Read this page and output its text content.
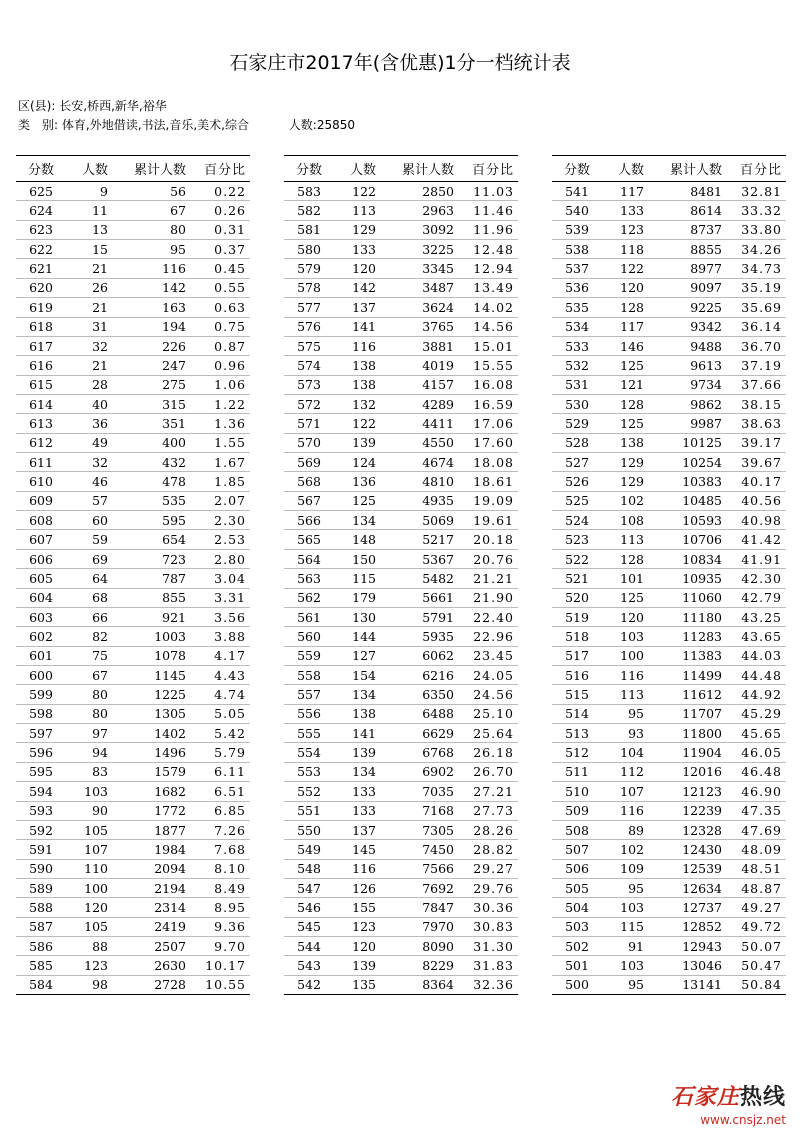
石家庄市2017年(含优惠)1分一档统计表
区(县): 长安,桥西,新华,裕华
类　别: 体育,外地借读,书法,音乐,美术,综合	人数:25850
分数	人数	累计人数	百分比
625	9	56	0.22
624	11	67	0.26
623	13	80	0.31
622	15	95	0.37
621	21	116	0.45
620	26	142	0.55
619	21	163	0.63
618	31	194	0.75
617	32	226	0.87
616	21	247	0.96
615	28	275	1.06
614	40	315	1.22
613	36	351	1.36
612	49	400	1.55
611	32	432	1.67
610	46	478	1.85
609	57	535	2.07
608	60	595	2.30
607	59	654	2.53
606	69	723	2.80
605	64	787	3.04
604	68	855	3.31
603	66	921	3.56
602	82	1003	3.88
601	75	1078	4.17
600	67	1145	4.43
599	80	1225	4.74
598	80	1305	5.05
597	97	1402	5.42
596	94	1496	5.79
595	83	1579	6.11
594	103	1682	6.51
593	90	1772	6.85
592	105	1877	7.26
591	107	1984	7.68
590	110	2094	8.10
589	100	2194	8.49
588	120	2314	8.95
587	105	2419	9.36
586	88	2507	9.70
585	123	2630	10.17
584	98	2728	10.55
分数	人数	累计人数	百分比
583	122	2850	11.03
582	113	2963	11.46
581	129	3092	11.96
580	133	3225	12.48
579	120	3345	12.94
578	142	3487	13.49
577	137	3624	14.02
576	141	3765	14.56
575	116	3881	15.01
574	138	4019	15.55
573	138	4157	16.08
572	132	4289	16.59
571	122	4411	17.06
570	139	4550	17.60
569	124	4674	18.08
568	136	4810	18.61
567	125	4935	19.09
566	134	5069	19.61
565	148	5217	20.18
564	150	5367	20.76
563	115	5482	21.21
562	179	5661	21.90
561	130	5791	22.40
560	144	5935	22.96
559	127	6062	23.45
558	154	6216	24.05
557	134	6350	24.56
556	138	6488	25.10
555	141	6629	25.64
554	139	6768	26.18
553	134	6902	26.70
552	133	7035	27.21
551	133	7168	27.73
550	137	7305	28.26
549	145	7450	28.82
548	116	7566	29.27
547	126	7692	29.76
546	155	7847	30.36
545	123	7970	30.83
544	120	8090	31.30
543	139	8229	31.83
542	135	8364	32.36
分数	人数	累计人数	百分比
541	117	8481	32.81
540	133	8614	33.32
539	123	8737	33.80
538	118	8855	34.26
537	122	8977	34.73
536	120	9097	35.19
535	128	9225	35.69
534	117	9342	36.14
533	146	9488	36.70
532	125	9613	37.19
531	121	9734	37.66
530	128	9862	38.15
529	125	9987	38.63
528	138	10125	39.17
527	129	10254	39.67
526	129	10383	40.17
525	102	10485	40.56
524	108	10593	40.98
523	113	10706	41.42
522	128	10834	41.91
521	101	10935	42.30
520	125	11060	42.79
519	120	11180	43.25
518	103	11283	43.65
517	100	11383	44.03
516	116	11499	44.48
515	113	11612	44.92
514	95	11707	45.29
513	93	11800	45.65
512	104	11904	46.05
511	112	12016	46.48
510	107	12123	46.90
509	116	12239	47.35
508	89	12328	47.69
507	102	12430	48.09
506	109	12539	48.51
505	95	12634	48.87
504	103	12737	49.27
503	115	12852	49.72
502	91	12943	50.07
501	103	13046	50.47
500	95	13141	50.84
石家庄热线
www.cnsjz.net
